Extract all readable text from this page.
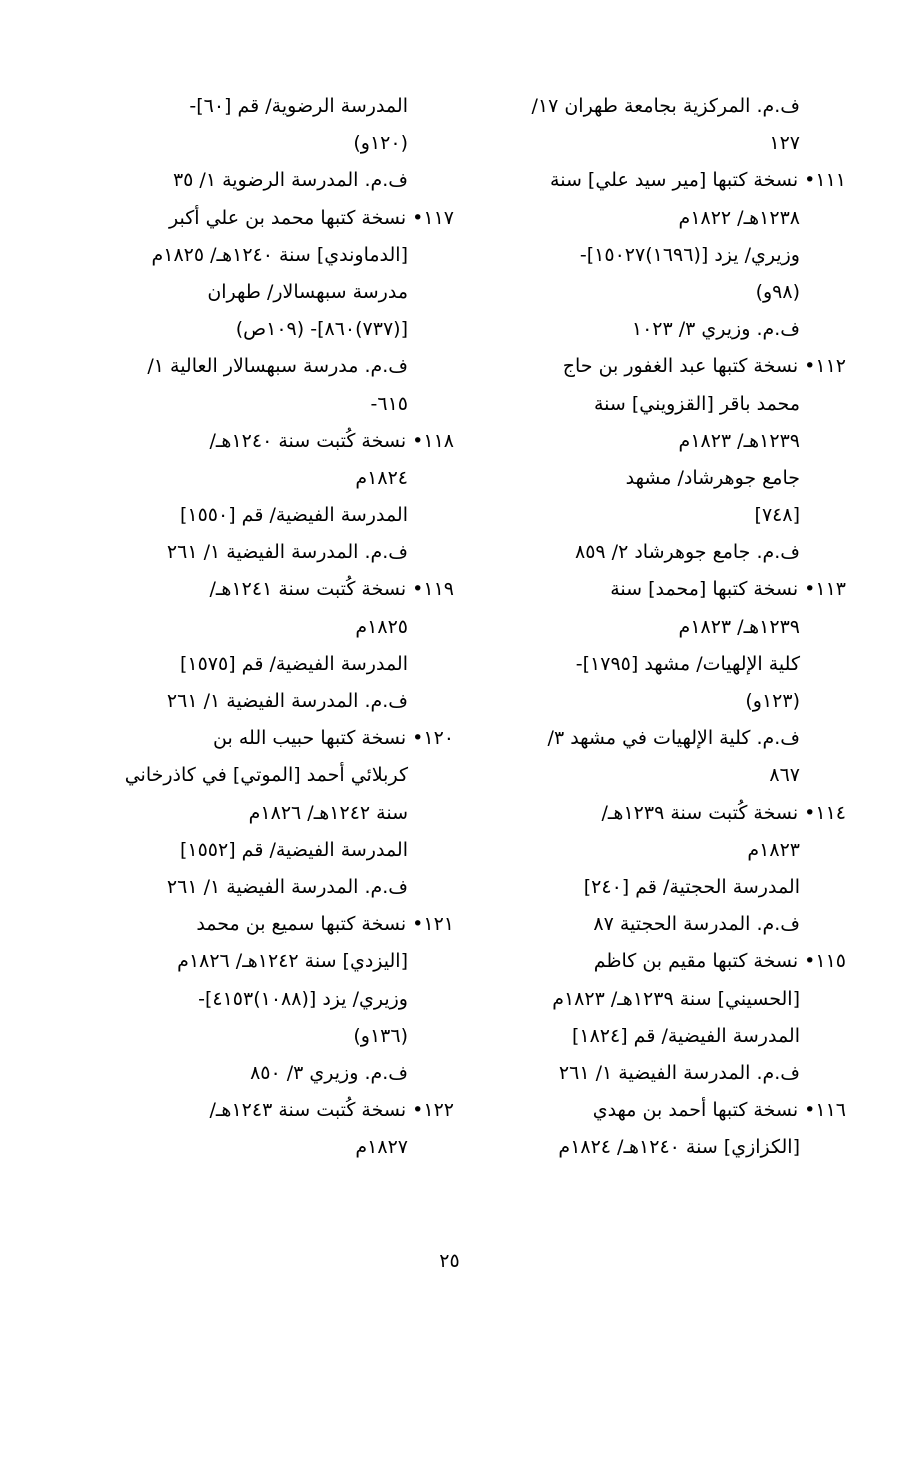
ف.م. المركزية بجامعة طهران ١٧/
١٢٧
١١١• نسخة كتبها [مير سيد علي] سنة
١٢٣٨هـ/ ١٨٢٢م
وزيري/ يزد [(١٦٩٦)١٥٠٢٧]-
(٩٨و)
ف.م. وزيري ٣/ ١٠٢٣
١١٢• نسخة كتبها عبد الغفور بن حاج
محمد باقر [القزويني] سنة
١٢٣٩هـ/ ١٨٢٣م
جامع جوهرشاد/ مشهد
[٧٤٨]
ف.م. جامع جوهرشاد ٢/ ٨٥٩
١١٣• نسخة كتبها [محمد] سنة
١٢٣٩هـ/ ١٨٢٣م
كلية الإلهيات/ مشهد [١٧٩٥]-
(١٢٣و)
ف.م. كلية الإلهيات في مشهد ٣/
٨٦٧
١١٤• نسخة كُتبت سنة ١٢٣٩هـ/
١٨٢٣م
المدرسة الحجتية/ قم [٢٤٠]
ف.م. المدرسة الحجتية ٨٧
١١٥• نسخة كتبها مقيم بن كاظم
[الحسيني] سنة ١٢٣٩هـ/ ١٨٢٣م
المدرسة الفيضية/ قم [١٨٢٤]
ف.م. المدرسة الفيضية ١/ ٢٦١
١١٦• نسخة كتبها أحمد بن مهدي
[الكزازي] سنة ١٢٤٠هـ/ ١٨٢٤م
المدرسة الرضوية/ قم [٦٠]-
(١٢٠و)
ف.م. المدرسة الرضوية ١/ ٣٥
١١٧• نسخة كتبها محمد بن علي أكبر
[الدماوندي] سنة ١٢٤٠هـ/ ١٨٢٥م
مدرسة سبهسالار/ طهران
[(٧٣٧)٨٦٠]- (١٠٩ص)
ف.م. مدرسة سبهسالار العالية ١/
٦١٥-
١١٨• نسخة كُتبت سنة ١٢٤٠هـ/
١٨٢٤م
المدرسة الفيضية/ قم [١٥٥٠]
ف.م. المدرسة الفيضية ١/ ٢٦١
١١٩• نسخة كُتبت سنة ١٢٤١هـ/
١٨٢٥م
المدرسة الفيضية/ قم [١٥٧٥]
ف.م. المدرسة الفيضية ١/ ٢٦١
١٢٠• نسخة كتبها حبيب الله بن
كربلائي أحمد [الموتي] في كاذرخاني
سنة ١٢٤٢هـ/ ١٨٢٦م
المدرسة الفيضية/ قم [١٥٥٢]
ف.م. المدرسة الفيضية ١/ ٢٦١
١٢١• نسخة كتبها سميع بن محمد
[اليزدي] سنة ١٢٤٢هـ/ ١٨٢٦م
وزيري/ يزد [(١٠٨٨)٤١٥٣]-
(١٣٦و)
ف.م. وزيري ٣/ ٨٥٠
١٢٢• نسخة كُتبت سنة ١٢٤٣هـ/
١٨٢٧م
٢٥
